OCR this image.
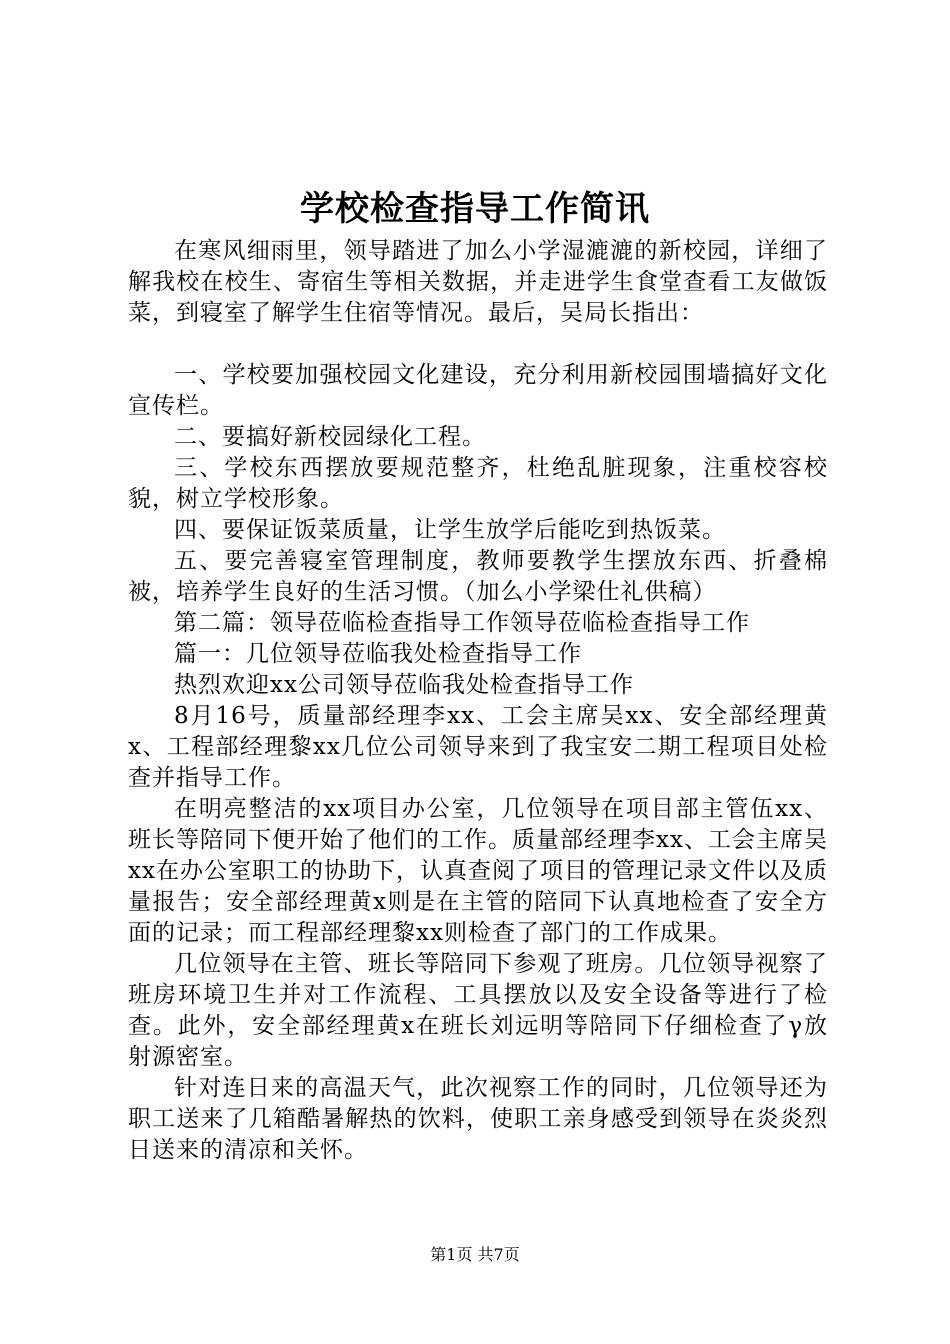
学校检查指导工作简讯

在寒风细雨里，领导踏进了加么小学湿漉漉的新校园，详细了解我校在校生、寄宿生等相关数据，并走进学生食堂查看工友做饭菜，到寝室了解学生住宿等情况。最后，吴局长指出：

一、学校要加强校园文化建设，充分利用新校园围墙搞好文化宣传栏。

二、要搞好新校园绿化工程。

三、学校东西摆放要规范整齐，杜绝乱脏现象，注重校容校貌，树立学校形象。

四、要保证饭菜质量，让学生放学后能吃到热饭菜。

五、要完善寝室管理制度，教师要教学生摆放东西、折叠棉被，培养学生良好的生活习惯。（加么小学梁仕礼供稿）

第二篇：领导莅临检查指导工作领导莅临检查指导工作

篇一：几位领导莅临我处检查指导工作

热烈欢迎xx公司领导莅临我处检查指导工作

8月16号，质量部经理李xx、工会主席吴xx、安全部经理黄x、工程部经理黎xx几位公司领导来到了我宝安二期工程项目处检查并指导工作。

在明亮整洁的xx项目办公室，几位领导在项目部主管伍xx、班长等陪同下便开始了他们的工作。质量部经理李xx、工会主席吴xx在办公室职工的协助下，认真查阅了项目的管理记录文件以及质量报告；安全部经理黄x则是在主管的陪同下认真地检查了安全方面的记录；而工程部经理黎xx则检查了部门的工作成果。

几位领导在主管、班长等陪同下参观了班房。几位领导视察了班房环境卫生并对工作流程、工具摆放以及安全设备等进行了检查。此外，安全部经理黄x在班长刘远明等陪同下仔细检查了γ放射源密室。

针对连日来的高温天气，此次视察工作的同时，几位领导还为职工送来了几箱酷暑解热的饮料，使职工亲身感受到领导在炎炎烈日送来的清凉和关怀。

第1页 共7页
